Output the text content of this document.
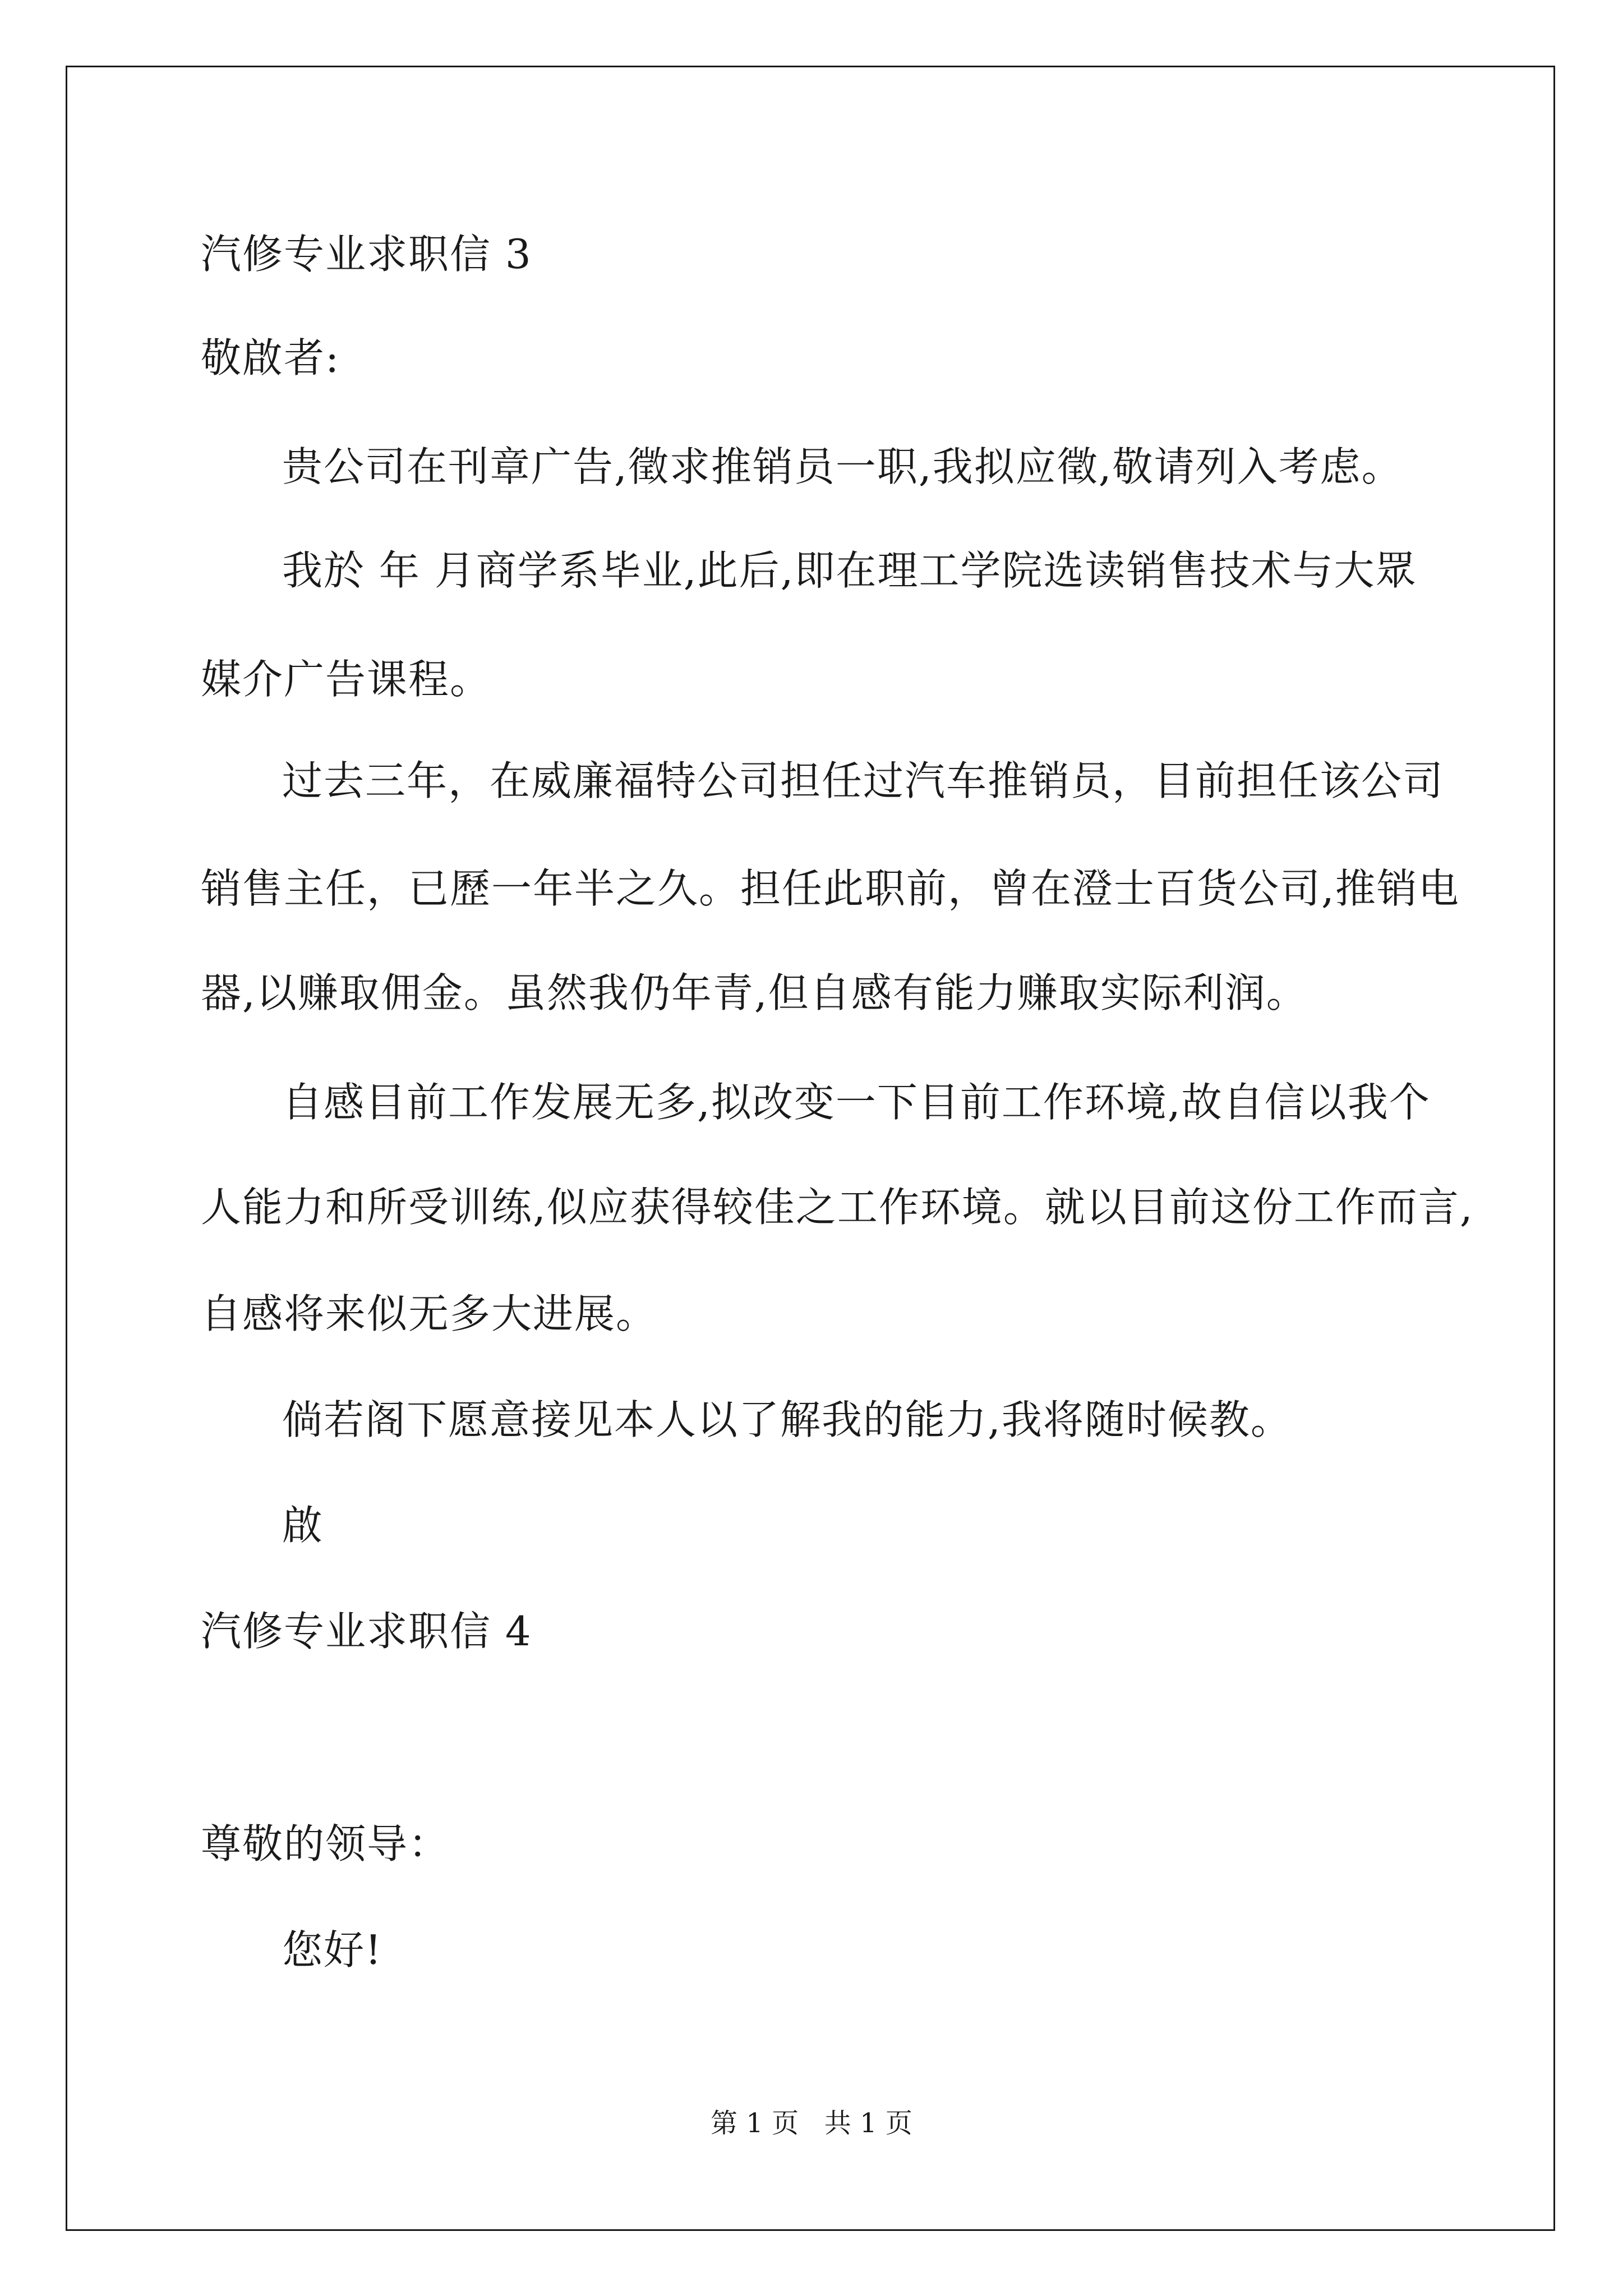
汽修专业求职信 3
敬啟者:
贵公司在刊章广告,徵求推销员一职,我拟应徵,敬请列入考虑。
我於 年 月商学系毕业,此后,即在理工学院选读销售技术与大眾
媒介广告课程。
过去三年，在威廉福特公司担任过汽车推销员，目前担任该公司
销售主任，已歷一年半之久。担任此职前，曾在澄士百货公司,推销电
器,以赚取佣金。虽然我仍年青,但自感有能力赚取实际利润。
自感目前工作发展无多,拟改变一下目前工作环境,故自信以我个
人能力和所受训练,似应获得较佳之工作环境。就以目前这份工作而言,
自感将来似无多大进展。
倘若阁下愿意接见本人以了解我的能力,我将随时候教。
啟
汽修专业求职信 4
尊敬的领导：
您好!
第 1 页   共 1 页
